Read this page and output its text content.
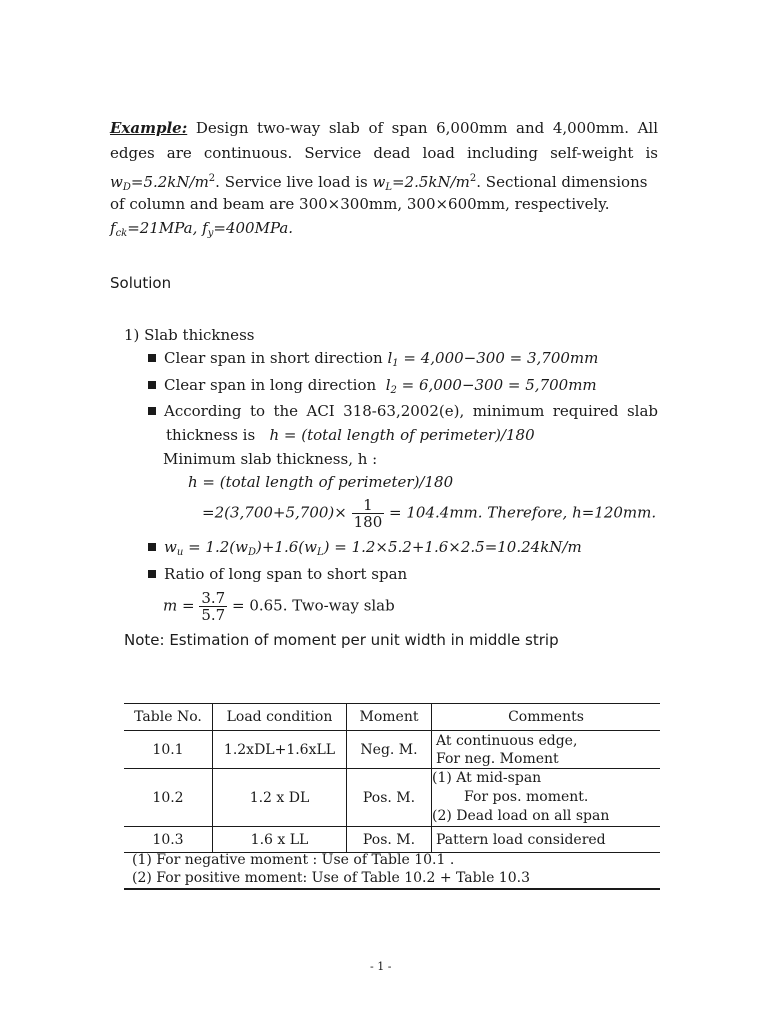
Example: Design two-way slab of span 6,000mm and 4,000mm. All
edges are continuous. Service dead load including self-weight is
$w_D=5.2kN/m^2$. Service live load is $w_L=2.5kN/m^2$. Sectional dimensions
of column and beam are 300×300mm, 300×600mm, respectively.
$f_{ck}=21MPa$, $f_y=400MPa$.
Solution
1) Slab thickness
Clear span in short direction $l_1 = 4,000-300 = 3,700mm$
Clear span in long direction $l_2 = 6,000-300 = 5,700mm$
According to the ACI 318-63,2002(e), minimum required slab
thickness is h = (total length of perimeter)/180
Minimum slab thickness, h :
h = (total length of perimeter)/180
$=2(3,700+5,700)\times \frac{1}{180} = 104.4mm$. Therefore, h=120mm.
$w_u = 1.2(w_D)+1.6(w_L) = 1.2\times 5.2+1.6\times 2.5=10.24kN/m$
Ratio of long span to short span
$m = \frac{3.7}{5.7} = 0.65$. Two-way slab
Note: Estimation of moment per unit width in middle strip
Table No.	Load condition	Moment	Comments
10.1	1.2xDL+1.6xLL	Neg. M.	At continuous edge,
For neg. Moment

10.2	1.2 x DL	Pos. M.	(1) At mid-span
For pos. moment.
(2) Dead load on all span

10.3	1.6 x LL	Pos. M.	Pattern load considered
(1) For negative moment : Use of Table 10.1 .
(2) For positive moment: Use of Table 10.2 + Table 10.3
- 1 -
